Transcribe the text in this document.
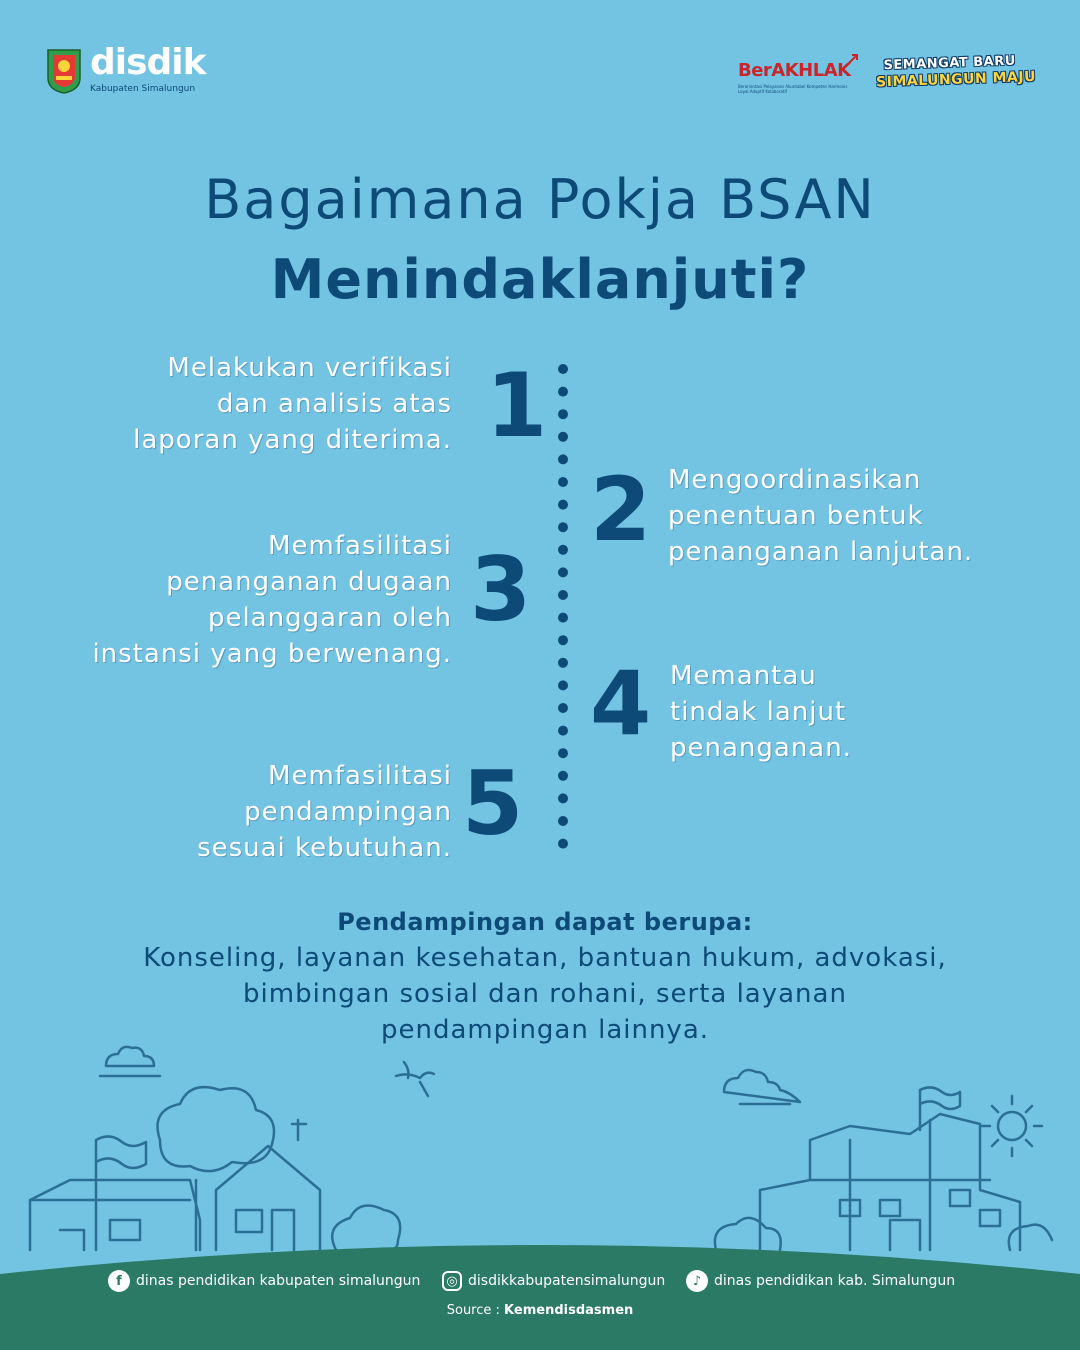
disdik
Kabupaten Simalungun
BerAKHLAK
Berorientasi Pelayanan Akuntabel Kompeten Harmonis Loyal Adaptif Kolaboratif
SEMANGAT BARU
SIMALUNGUN MAJU
Bagaimana Pokja BSAN
Menindaklanjuti?
Melakukan verifikasi
dan analisis atas
laporan yang diterima. 1
2 Mengoordinasikan
penentuan bentuk
penanganan lanjutan.
Memfasilitasi
penanganan dugaan
pelanggaran oleh
instansi yang berwenang.
3
4 Memantau
tindak lanjut
penanganan.
Memfasilitasi
pendampingan
sesuai kebutuhan. 5
Pendampingan dapat berupa:
Konseling, layanan kesehatan, bantuan hukum, advokasi,
bimbingan sosial dan rohani, serta layanan
pendampingan lainnya.
f	dinas pendidikan kabupaten simalungun	◎ disdikkabupatensimalungun	♪ dinas pendidikan kab. Simalungun
Source : Kemendisdasmen
